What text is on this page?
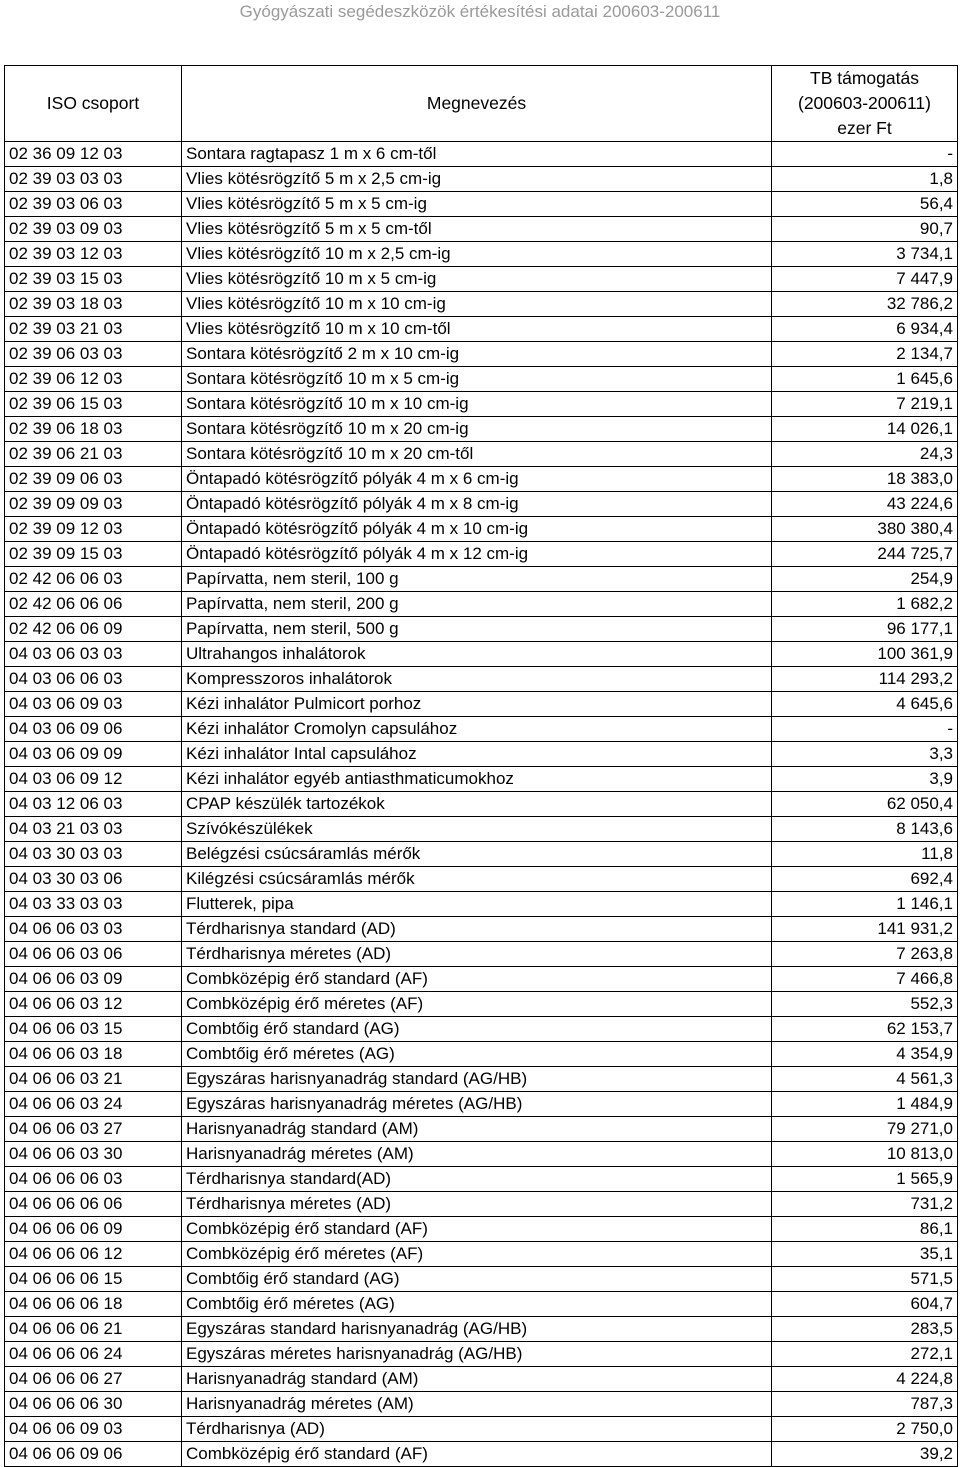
Gyógyászati segédeszközök értékesítési adatai 200603-200611
ISO csoport	Megnevezés	TB támogatás
(200603-200611)
ezer Ft

02 36 09 12 03	Sontara ragtapasz 1 m x 6 cm-től	-
02 39 03 03 03	Vlies kötésrögzítő 5 m x 2,5 cm-ig	1,8
02 39 03 06 03	Vlies kötésrögzítő 5 m x 5 cm-ig	56,4
02 39 03 09 03	Vlies kötésrögzítő 5 m x 5 cm-től	90,7
02 39 03 12 03	Vlies kötésrögzítő 10 m x 2,5 cm-ig	3 734,1
02 39 03 15 03	Vlies kötésrögzítő 10 m x 5 cm-ig	7 447,9
02 39 03 18 03	Vlies kötésrögzítő 10 m x 10 cm-ig	32 786,2
02 39 03 21 03	Vlies kötésrögzítő 10 m x 10 cm-től	6 934,4
02 39 06 03 03	Sontara kötésrögzítő 2 m x 10 cm-ig	2 134,7
02 39 06 12 03	Sontara kötésrögzítő 10 m x 5 cm-ig	1 645,6
02 39 06 15 03	Sontara kötésrögzítő 10 m x 10 cm-ig	7 219,1
02 39 06 18 03	Sontara kötésrögzítő 10 m x 20 cm-ig	14 026,1
02 39 06 21 03	Sontara kötésrögzítő 10 m x 20 cm-től	24,3
02 39 09 06 03	Öntapadó kötésrögzítő pólyák 4 m x 6 cm-ig	18 383,0
02 39 09 09 03	Öntapadó kötésrögzítő pólyák 4 m x 8 cm-ig	43 224,6
02 39 09 12 03	Öntapadó kötésrögzítő pólyák 4 m x 10 cm-ig	380 380,4
02 39 09 15 03	Öntapadó kötésrögzítő pólyák 4 m x 12 cm-ig	244 725,7
02 42 06 06 03	Papírvatta, nem steril, 100 g	254,9
02 42 06 06 06	Papírvatta, nem steril, 200 g	1 682,2
02 42 06 06 09	Papírvatta, nem steril, 500 g	96 177,1
04 03 06 03 03	Ultrahangos inhalátorok	100 361,9
04 03 06 06 03	Kompresszoros inhalátorok	114 293,2
04 03 06 09 03	Kézi inhalátor Pulmicort porhoz	4 645,6
04 03 06 09 06	Kézi inhalátor Cromolyn capsulához	-
04 03 06 09 09	Kézi inhalátor Intal capsulához	3,3
04 03 06 09 12	Kézi inhalátor egyéb antiasthmaticumokhoz	3,9
04 03 12 06 03	CPAP készülék tartozékok	62 050,4
04 03 21 03 03	Szívókészülékek	8 143,6
04 03 30 03 03	Belégzési csúcsáramlás mérők	11,8
04 03 30 03 06	Kilégzési csúcsáramlás mérők	692,4
04 03 33 03 03	Flutterek, pipa	1 146,1
04 06 06 03 03	Térdharisnya standard (AD)	141 931,2
04 06 06 03 06	Térdharisnya méretes (AD)	7 263,8
04 06 06 03 09	Combközépig érő standard (AF)	7 466,8
04 06 06 03 12	Combközépig érő méretes (AF)	552,3
04 06 06 03 15	Combtőig érő standard (AG)	62 153,7
04 06 06 03 18	Combtőig érő méretes (AG)	4 354,9
04 06 06 03 21	Egyszáras harisnyanadrág standard (AG/HB)	4 561,3
04 06 06 03 24	Egyszáras harisnyanadrág méretes (AG/HB)	1 484,9
04 06 06 03 27	Harisnyanadrág standard (AM)	79 271,0
04 06 06 03 30	Harisnyanadrág méretes (AM)	10 813,0
04 06 06 06 03	Térdharisnya standard(AD)	1 565,9
04 06 06 06 06	Térdharisnya méretes (AD)	731,2
04 06 06 06 09	Combközépig érő standard (AF)	86,1
04 06 06 06 12	Combközépig érő méretes (AF)	35,1
04 06 06 06 15	Combtőig érő standard (AG)	571,5
04 06 06 06 18	Combtőig érő méretes (AG)	604,7
04 06 06 06 21	Egyszáras standard harisnyanadrág (AG/HB)	283,5
04 06 06 06 24	Egyszáras méretes harisnyanadrág (AG/HB)	272,1
04 06 06 06 27	Harisnyanadrág standard (AM)	4 224,8
04 06 06 06 30	Harisnyanadrág méretes (AM)	787,3
04 06 06 09 03	Térdharisnya (AD)	2 750,0
04 06 06 09 06	Combközépig érő standard (AF)	39,2
